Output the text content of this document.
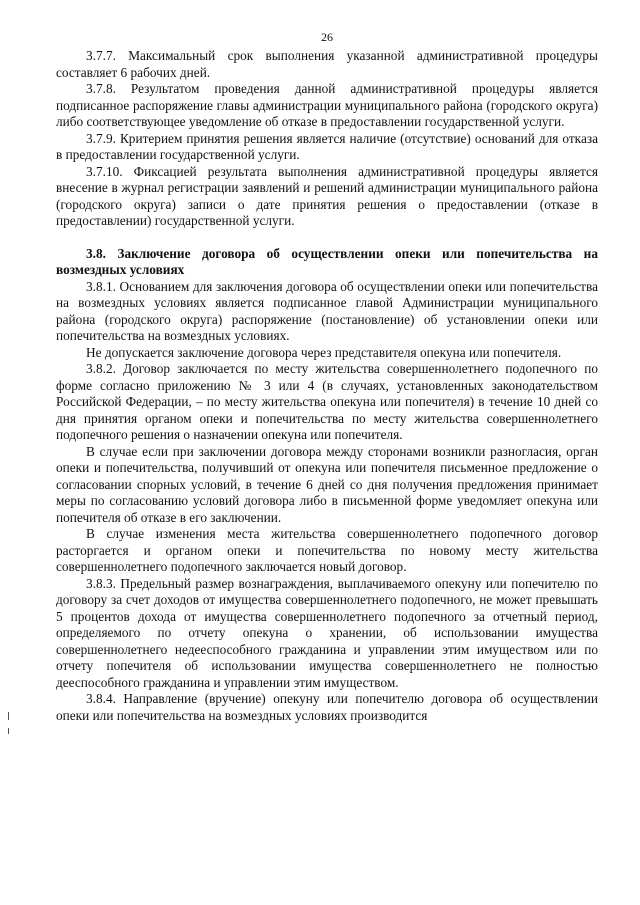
26

3.7.7. Максимальный срок выполнения указанной административной процедуры составляет 6 рабочих дней.

3.7.8. Результатом проведения данной административной процедуры является подписанное распоряжение главы администрации муниципального района (городского округа) либо соответствующее уведомление об отказе в предоставлении государственной услуги.

3.7.9. Критерием принятия решения является наличие (отсутствие) оснований для отказа в предоставлении государственной услуги.

3.7.10. Фиксацией результата выполнения административной процедуры является внесение в журнал регистрации заявлений и решений администрации муниципального района (городского округа) записи о дате принятия решения о предоставлении (отказе в предоставлении) государственной услуги.

3.8. Заключение договора об осуществлении опеки или попечительства на возмездных условиях

3.8.1. Основанием для заключения договора об осуществлении опеки или попечительства на возмездных условиях является подписанное главой Администрации муниципального района (городского округа) распоряжение (постановление) об установлении опеки или попечительства на возмездных условиях.

Не допускается заключение договора через представителя опекуна или попечителя.

3.8.2. Договор заключается по месту жительства совершеннолетнего подопечного по форме согласно приложению № 3 или 4 (в случаях, установленных законодательством Российской Федерации, – по месту жительства опекуна или попечителя) в течение 10 дней со дня принятия органом опеки и попечительства по месту жительства совершеннолетнего подопечного решения о назначении опекуна или попечителя.

В случае если при заключении договора между сторонами возникли разногласия, орган опеки и попечительства, получивший от опекуна или попечителя письменное предложение о согласовании спорных условий, в течение 6 дней со дня получения предложения принимает меры по согласованию условий договора либо в письменной форме уведомляет опекуна или попечителя об отказе в его заключении.

В случае изменения места жительства совершеннолетнего подопечного договор расторгается и органом опеки и попечительства по новому месту жительства совершеннолетнего подопечного заключается новый договор.

3.8.3. Предельный размер вознаграждения, выплачиваемого опекуну или попечителю по договору за счет доходов от имущества совершеннолетнего подопечного, не может превышать 5 процентов дохода от имущества совершеннолетнего подопечного за отчетный период, определяемого по отчету опекуна о хранении, об использовании имущества совершеннолетнего недееспособного гражданина и управлении этим имуществом или по отчету попечителя об использовании имущества совершеннолетнего не полностью дееспособного гражданина и управлении этим имуществом.

3.8.4. Направление (вручение) опекуну или попечителю договора об осуществлении опеки или попечительства на возмездных условиях производится
